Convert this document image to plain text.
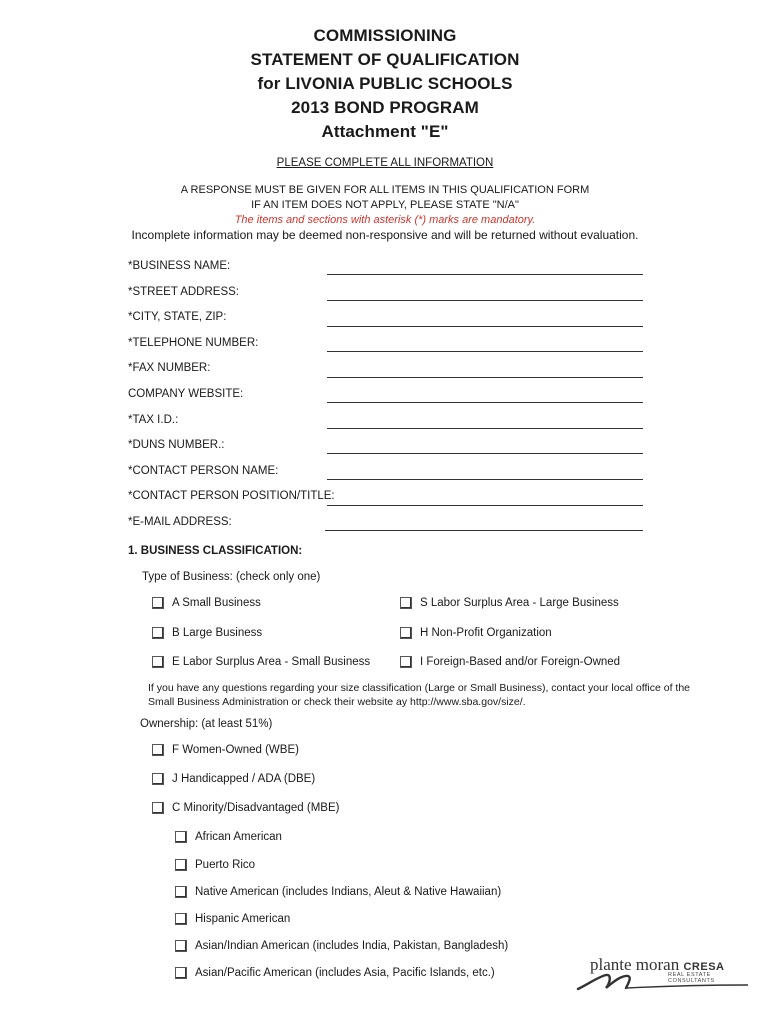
COMMISSIONING
STATEMENT OF QUALIFICATION
for LIVONIA PUBLIC SCHOOLS
2013 BOND PROGRAM
Attachment "E"
PLEASE COMPLETE ALL INFORMATION
A RESPONSE MUST BE GIVEN FOR ALL ITEMS IN THIS QUALIFICATION FORM
IF AN ITEM DOES NOT APPLY, PLEASE STATE "N/A"
The items and sections with asterisk (*) marks are mandatory.
Incomplete information may be deemed non-responsive and will be returned without evaluation.
*BUSINESS NAME:
*STREET ADDRESS:
*CITY, STATE, ZIP:
*TELEPHONE NUMBER:
*FAX NUMBER:
COMPANY WEBSITE:
*TAX I.D.:
*DUNS NUMBER.:
*CONTACT PERSON NAME:
*CONTACT PERSON POSITION/TITLE:
*E-MAIL ADDRESS:
1. BUSINESS CLASSIFICATION:
Type of Business: (check only one)
A Small Business	S Labor Surplus Area - Large Business
B Large Business	H Non-Profit Organization
E Labor Surplus Area - Small Business	I Foreign-Based and/or Foreign-Owned
If you have any questions regarding your size classification (Large or Small Business), contact your local office of the Small Business Administration or check their website ay http://www.sba.gov/size/.
Ownership: (at least 51%)
F Women-Owned (WBE)
J Handicapped / ADA (DBE)
C Minority/Disadvantaged (MBE)
African American
Puerto Rico
Native American (includes Indians, Aleut & Native Hawaiian)
Hispanic American
Asian/Indian American (includes India, Pakistan, Bangladesh)
Asian/Pacific American (includes Asia, Pacific Islands, etc.)	plante moran CRESA
REAL ESTATE CONSULTANTS
